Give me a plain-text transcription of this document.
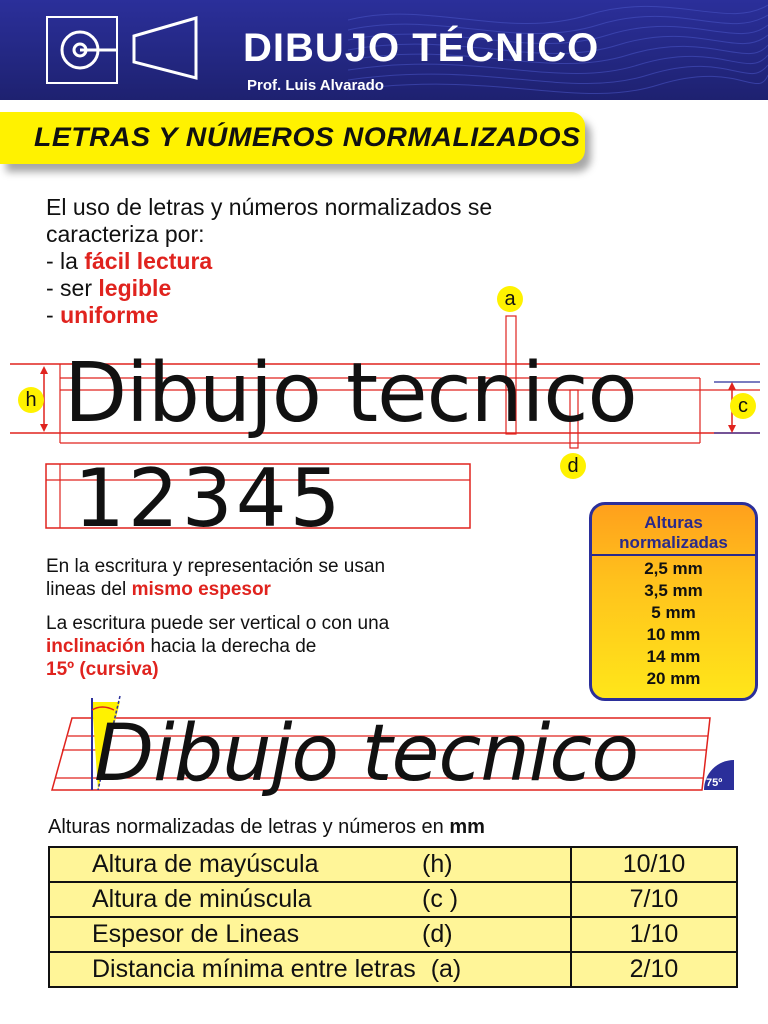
DIBUJO TÉCNICO
Prof. Luis Alvarado
LETRAS Y NÚMEROS NORMALIZADOS
El uso de letras y números normalizados se
caracteriza por:
- la fácil lectura
- ser legible
- uniforme
Dibujo tecnico
12345
a
h	c
d
En la escritura y representación se usan
lineas del mismo espesor
La escritura puede ser vertical o con una
inclinación hacia la derecha de
15º (cursiva)
Alturas
normalizadas
2,5 mm
3,5 mm
5 mm
10 mm
14 mm
20 mm
Dibujo tecnico	75º
Alturas normalizadas de letras y números en mm
Altura de mayúscula (h)	10/10
Altura de minúscula (c )	7/10
Espesor de Lineas (d)	1/10
Distancia mínima entre letras (a)	2/10
